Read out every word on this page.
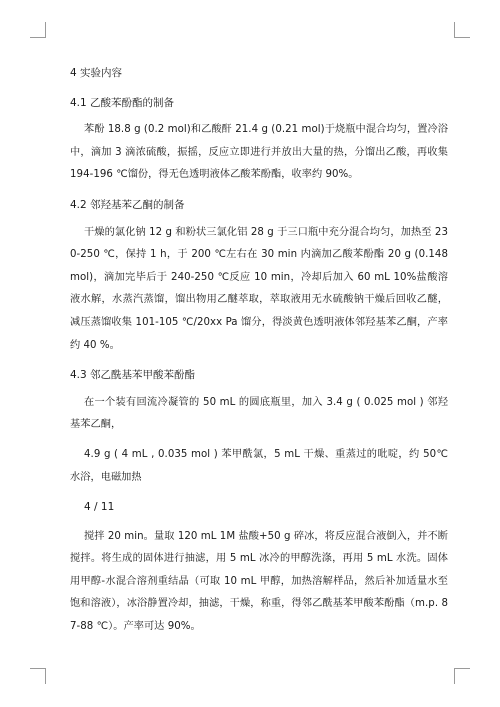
4 实验内容

4.1 乙酸苯酚酯的制备

苯酚 18.8 g (0.2 mol)和乙酸酐 21.4 g (0.21 mol)于烧瓶中混合均匀，置冷浴中，滴加 3 滴浓硫酸，振摇，反应立即进行并放出大量的热，分馏出乙酸，再收集 194-196 ℃馏份，得无色透明液体乙酸苯酚酯，收率约 90%。

4.2 邻羟基苯乙酮的制备

干燥的氯化钠 12 g 和粉状三氯化铝 28 g 于三口瓶中充分混合均匀，加热至 230-250 ℃，保持 1 h，于 200 ℃左右在 30 min 内滴加乙酸苯酚酯 20 g (0.148 mol)，滴加完毕后于 240-250 ℃反应 10 min，冷却后加入 60 mL 10%盐酸溶液水解，水蒸汽蒸馏，馏出物用乙醚萃取，萃取液用无水硫酸钠干燥后回收乙醚，减压蒸馏收集 101-105 ℃/20xx Pa 馏分，得淡黄色透明液体邻羟基苯乙酮，产率约 40 %。

4.3 邻乙酰基苯甲酸苯酚酯

在一个装有回流冷凝管的 50 mL 的圆底瓶里，加入 3.4 g ( 0.025 mol ) 邻羟基苯乙酮，

4.9 g ( 4 mL , 0.035 mol ) 苯甲酰氯，5 mL 干燥、重蒸过的吡啶，约 50℃水浴，电磁加热

4 / 11

搅拌 20 min。量取 120 mL 1M 盐酸+50 g 碎冰，将反应混合液倒入，并不断搅拌。将生成的固体进行抽滤，用 5 mL 冰冷的甲醇洗涤，再用 5 mL 水洗。固体用甲醇-水混合溶剂重结晶（可取 10 mL 甲醇，加热溶解样品，然后补加适量水至饱和溶液），冰浴静置冷却，抽滤，干燥，称重，得邻乙酰基苯甲酸苯酚酯（m.p. 87-88 ℃）。产率可达 90%。
